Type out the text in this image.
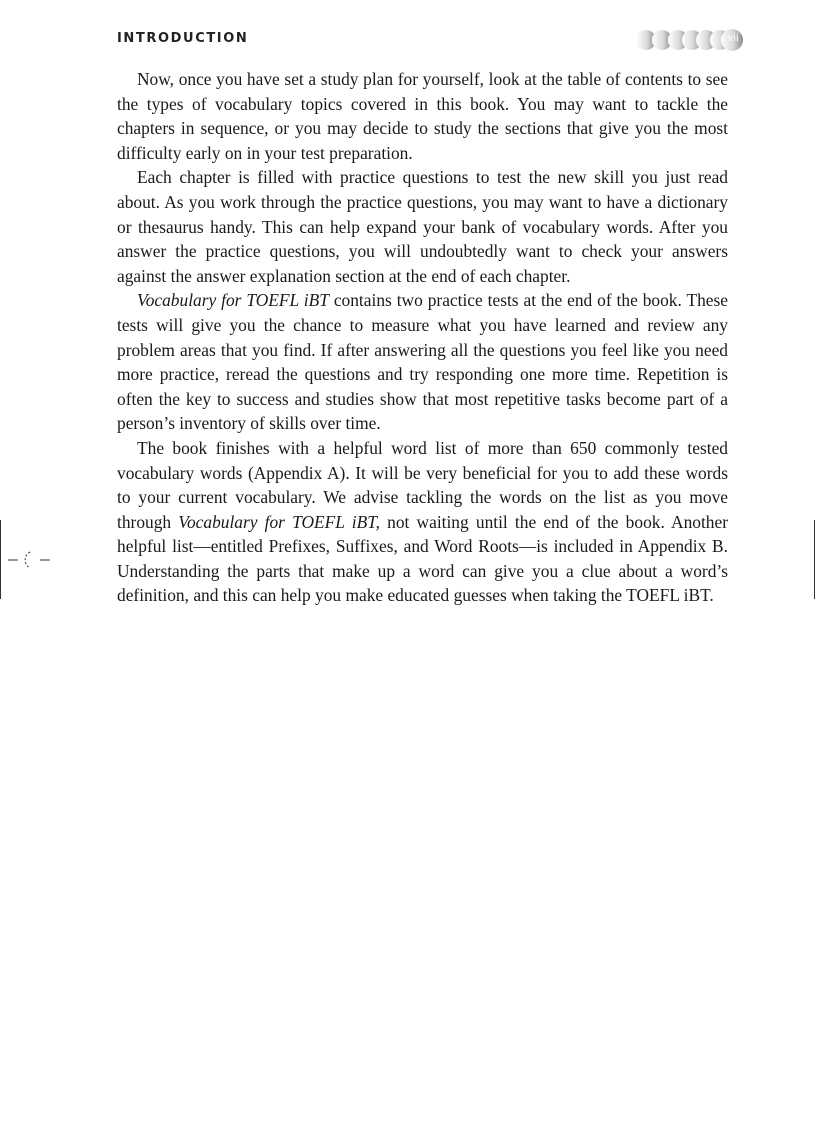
INTRODUCTION	vii

Now, once you have set a study plan for yourself, look at the table of contents to see the types of vocabulary topics covered in this book. You may want to tackle the chapters in sequence, or you may decide to study the sections that give you the most difficulty early on in your test preparation.

Each chapter is filled with practice questions to test the new skill you just read about. As you work through the practice questions, you may want to have a dictionary or thesaurus handy. This can help expand your bank of vocabulary words. After you answer the practice questions, you will undoubtedly want to check your answers against the answer explanation section at the end of each chapter.

Vocabulary for TOEFL iBT contains two practice tests at the end of the book. These tests will give you the chance to measure what you have learned and review any problem areas that you find. If after answering all the questions you feel like you need more practice, reread the questions and try responding one more time. Repetition is often the key to success and studies show that most repetitive tasks become part of a person’s inventory of skills over time.

The book finishes with a helpful word list of more than 650 commonly tested vocabulary words (Appendix A). It will be very beneficial for you to add these words to your current vocabulary. We advise tackling the words on the list as you move through Vocabulary for TOEFL iBT, not waiting until the end of the book. Another helpful list—entitled Prefixes, Suffixes, and Word Roots—is included in Appendix B. Understanding the parts that make up a word can give you a clue about a word’s definition, and this can help you make educated guesses when taking the TOEFL iBT.
